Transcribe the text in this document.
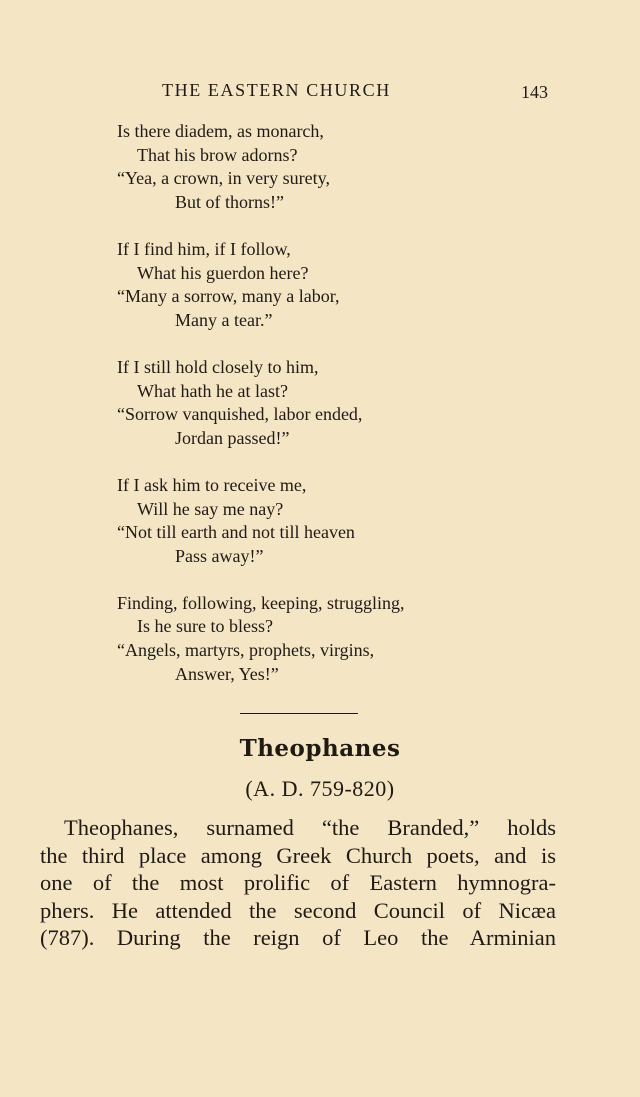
THE EASTERN CHURCH	143
Is there diadem, as monarch,
That his brow adorns?
“Yea, a crown, in very surety,
But of thorns!”
If I find him, if I follow,
What his guerdon here?
“Many a sorrow, many a labor,
Many a tear.”
If I still hold closely to him,
What hath he at last?
“Sorrow vanquished, labor ended,
Jordan passed!”
If I ask him to receive me,
Will he say me nay?
“Not till earth and not till heaven
Pass away!”
Finding, following, keeping, struggling,
Is he sure to bless?
“Angels, martyrs, prophets, virgins,
Answer, Yes!”
Theophanes
(A. D. 759-820)
Theophanes, surnamed “the Branded,” holds
the third place among Greek Church poets, and is
one of the most prolific of Eastern hymnogra-
phers. He attended the second Council of Nicæa
(787). During the reign of Leo the Arminian
